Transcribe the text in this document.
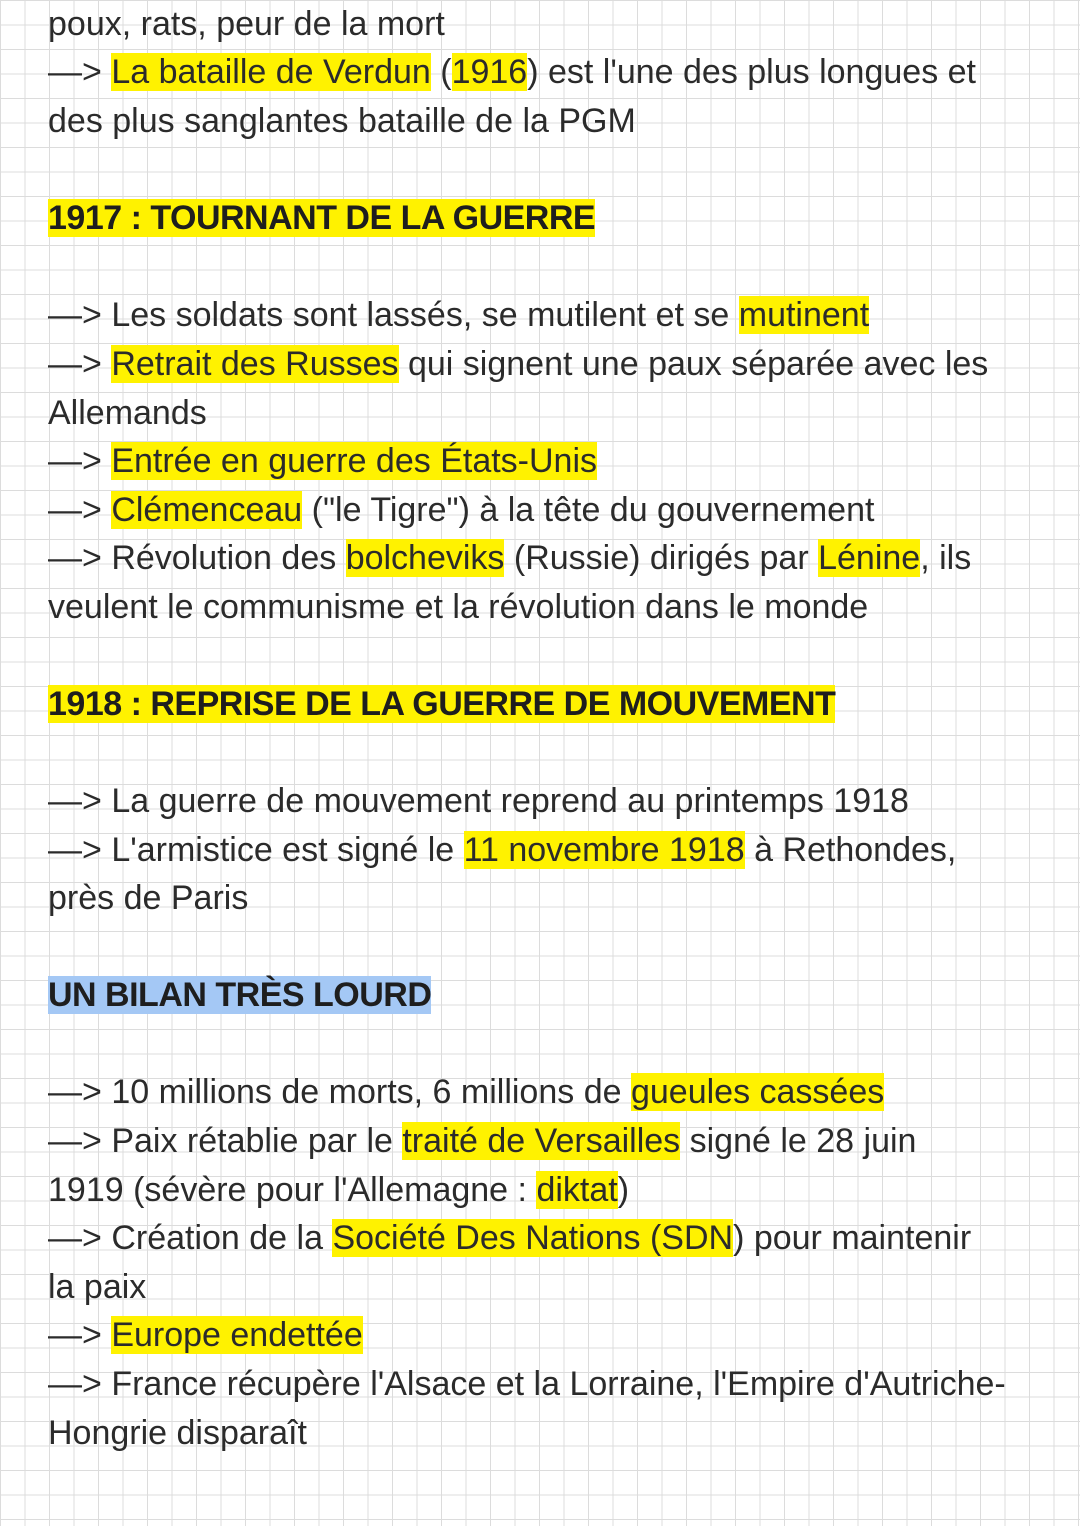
poux, rats, peur de la mort
—> La bataille de Verdun (1916) est l'une des plus longues et
des plus sanglantes bataille de la PGM
1917 : TOURNANT DE LA GUERRE
—> Les soldats sont lassés, se mutilent et se mutinent
—> Retrait des Russes qui signent une paux séparée avec les
Allemands
—> Entrée en guerre des États-Unis
—> Clémenceau ("le Tigre") à la tête du gouvernement
—> Révolution des bolcheviks (Russie) dirigés par Lénine, ils
veulent le communisme et la révolution dans le monde
1918 : REPRISE DE LA GUERRE DE MOUVEMENT
—> La guerre de mouvement reprend au printemps 1918
—> L'armistice est signé le 11 novembre 1918 à Rethondes,
près de Paris
UN BILAN TRÈS LOURD
—> 10 millions de morts, 6 millions de gueules cassées
—> Paix rétablie par le traité de Versailles signé le 28 juin
1919 (sévère pour l'Allemagne : diktat)
—> Création de la Société Des Nations (SDN) pour maintenir
la paix
—> Europe endettée
—> France récupère l'Alsace et la Lorraine, l'Empire d'Autriche-
Hongrie disparaît
